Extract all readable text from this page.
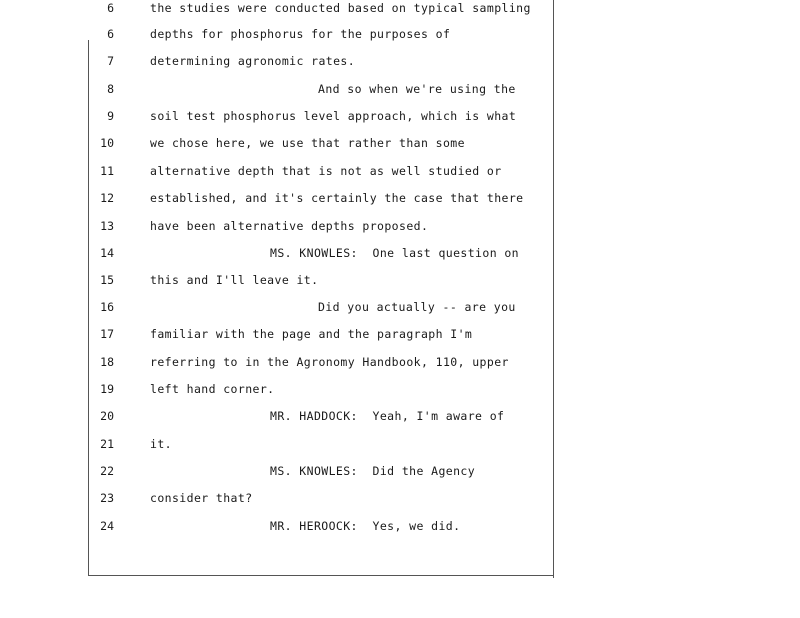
6	the studies were conducted based on typical sampling
6	depths for phosphorus for the purposes of
7	determining agronomic rates.
8	And so when we're using the
9	soil test phosphorus level approach, which is what
10	we chose here, we use that rather than some
11	alternative depth that is not as well studied or
12	established, and it's certainly the case that there
13	have been alternative depths proposed.
14	MS. KNOWLES:  One last question on
15	this and I'll leave it.
16	Did you actually -- are you
17	familiar with the page and the paragraph I'm
18	referring to in the Agronomy Handbook, 110, upper
19	left hand corner.
20	MR. HADDOCK:  Yeah, I'm aware of
21	it.
22	MS. KNOWLES:  Did the Agency
23	consider that?
24	MR. HEROOCK:  Yes, we did.
